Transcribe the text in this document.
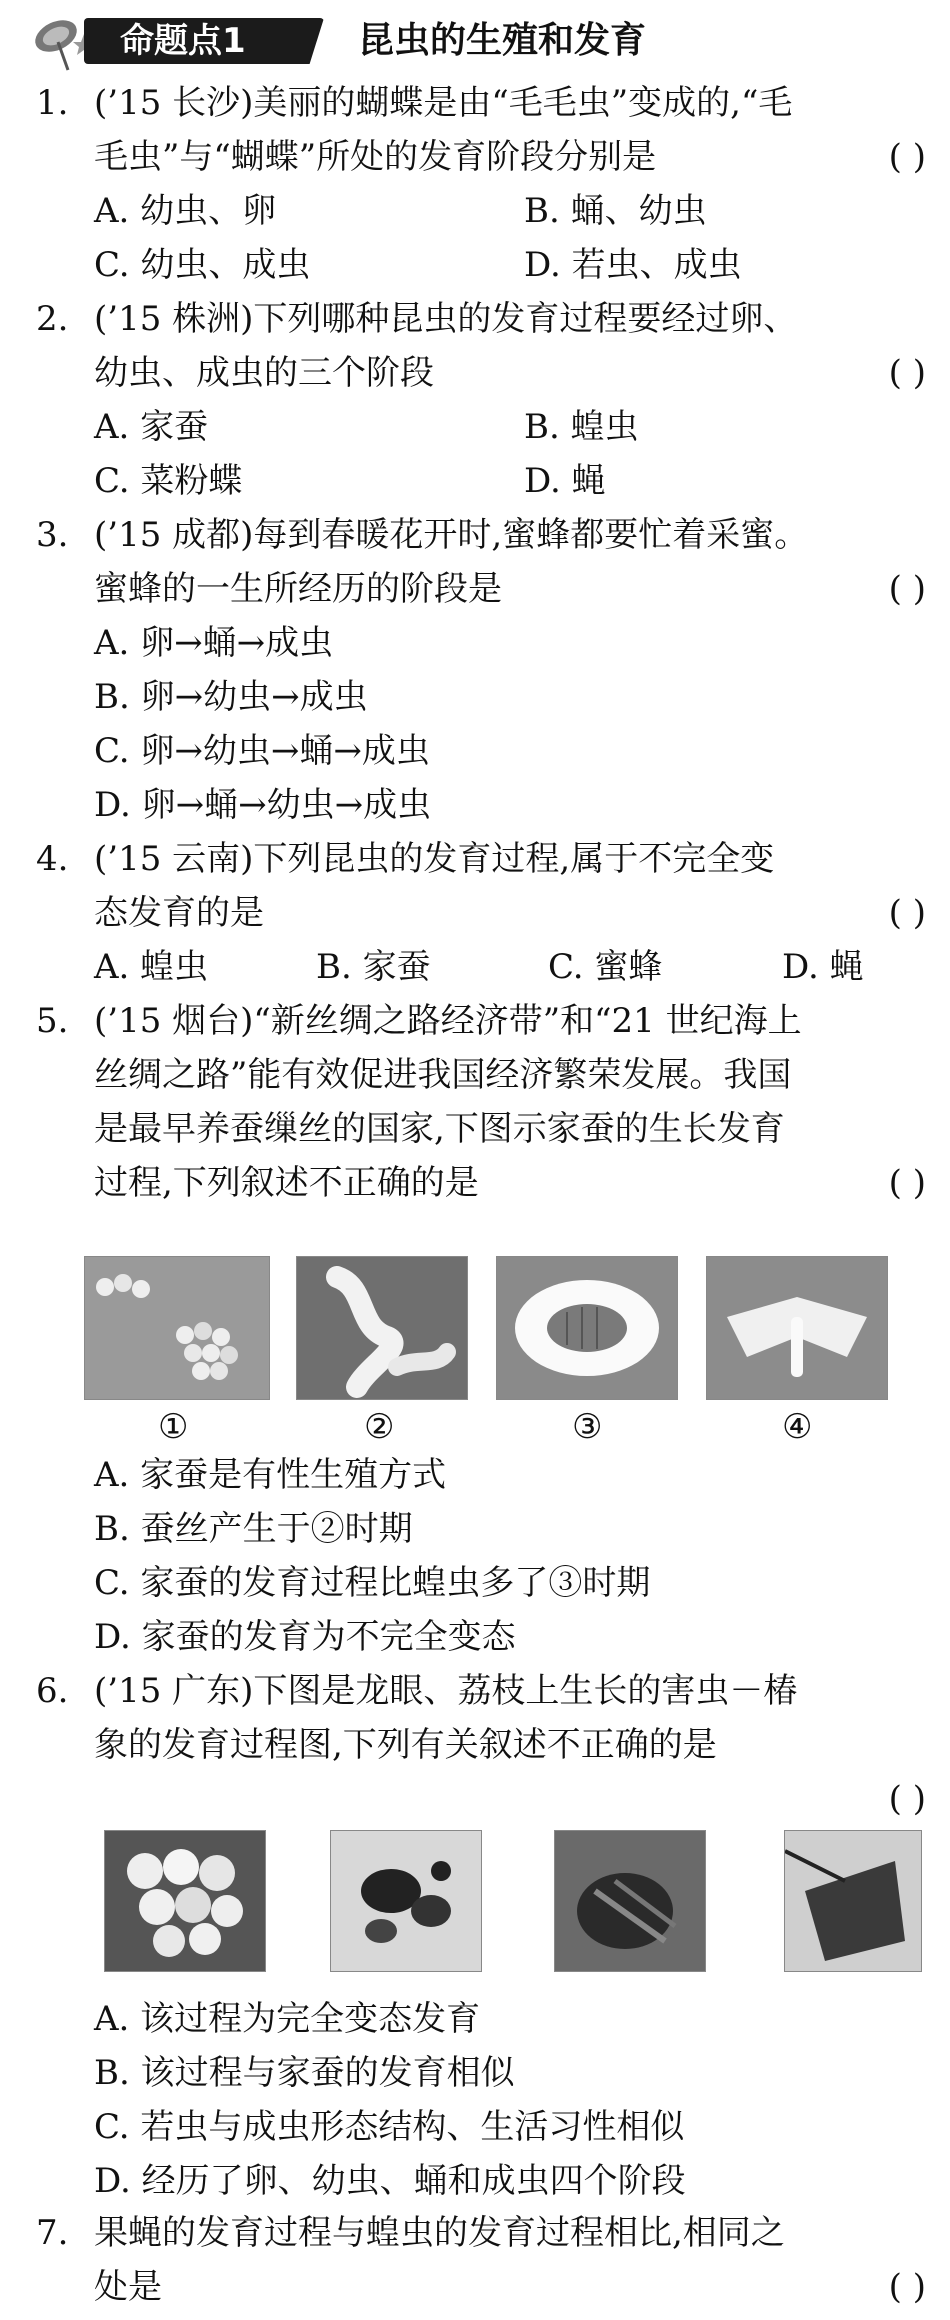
命题点1	昆虫的生殖和发育
1. (’15 长沙)美丽的蝴蝶是由“毛毛虫”变成的,“毛
毛虫”与“蝴蝶”所处的发育阶段分别是	( )
A. 幼虫、卵	B. 蛹、幼虫
C. 幼虫、成虫	D. 若虫、成虫
2. (’15 株洲)下列哪种昆虫的发育过程要经过卵、
幼虫、成虫的三个阶段	( )
A. 家蚕	B. 蝗虫
C. 菜粉蝶	D. 蝇
3. (’15 成都)每到春暖花开时,蜜蜂都要忙着采蜜。
蜜蜂的一生所经历的阶段是	( )
A. 卵→蛹→成虫
B. 卵→幼虫→成虫
C. 卵→幼虫→蛹→成虫
D. 卵→蛹→幼虫→成虫
4. (’15 云南)下列昆虫的发育过程,属于不完全变
态发育的是	( )
A. 蝗虫	B. 家蚕	C. 蜜蜂	D. 蝇
5. (’15 烟台)“新丝绸之路经济带”和“21 世纪海上
丝绸之路”能有效促进我国经济繁荣发展。我国
是最早养蚕缫丝的国家,下图示家蚕的生长发育
过程,下列叙述不正确的是	( )
①	②	③	④
A. 家蚕是有性生殖方式
B. 蚕丝产生于②时期
C. 家蚕的发育过程比蝗虫多了③时期
D. 家蚕的发育为不完全变态
6. (’15 广东)下图是龙眼、荔枝上生长的害虫－椿
象的发育过程图,下列有关叙述不正确的是
( )
A. 该过程为完全变态发育
B. 该过程与家蚕的发育相似
C. 若虫与成虫形态结构、生活习性相似
D. 经历了卵、幼虫、蛹和成虫四个阶段
7. 果蝇的发育过程与蝗虫的发育过程相比,相同之
处是	( )
